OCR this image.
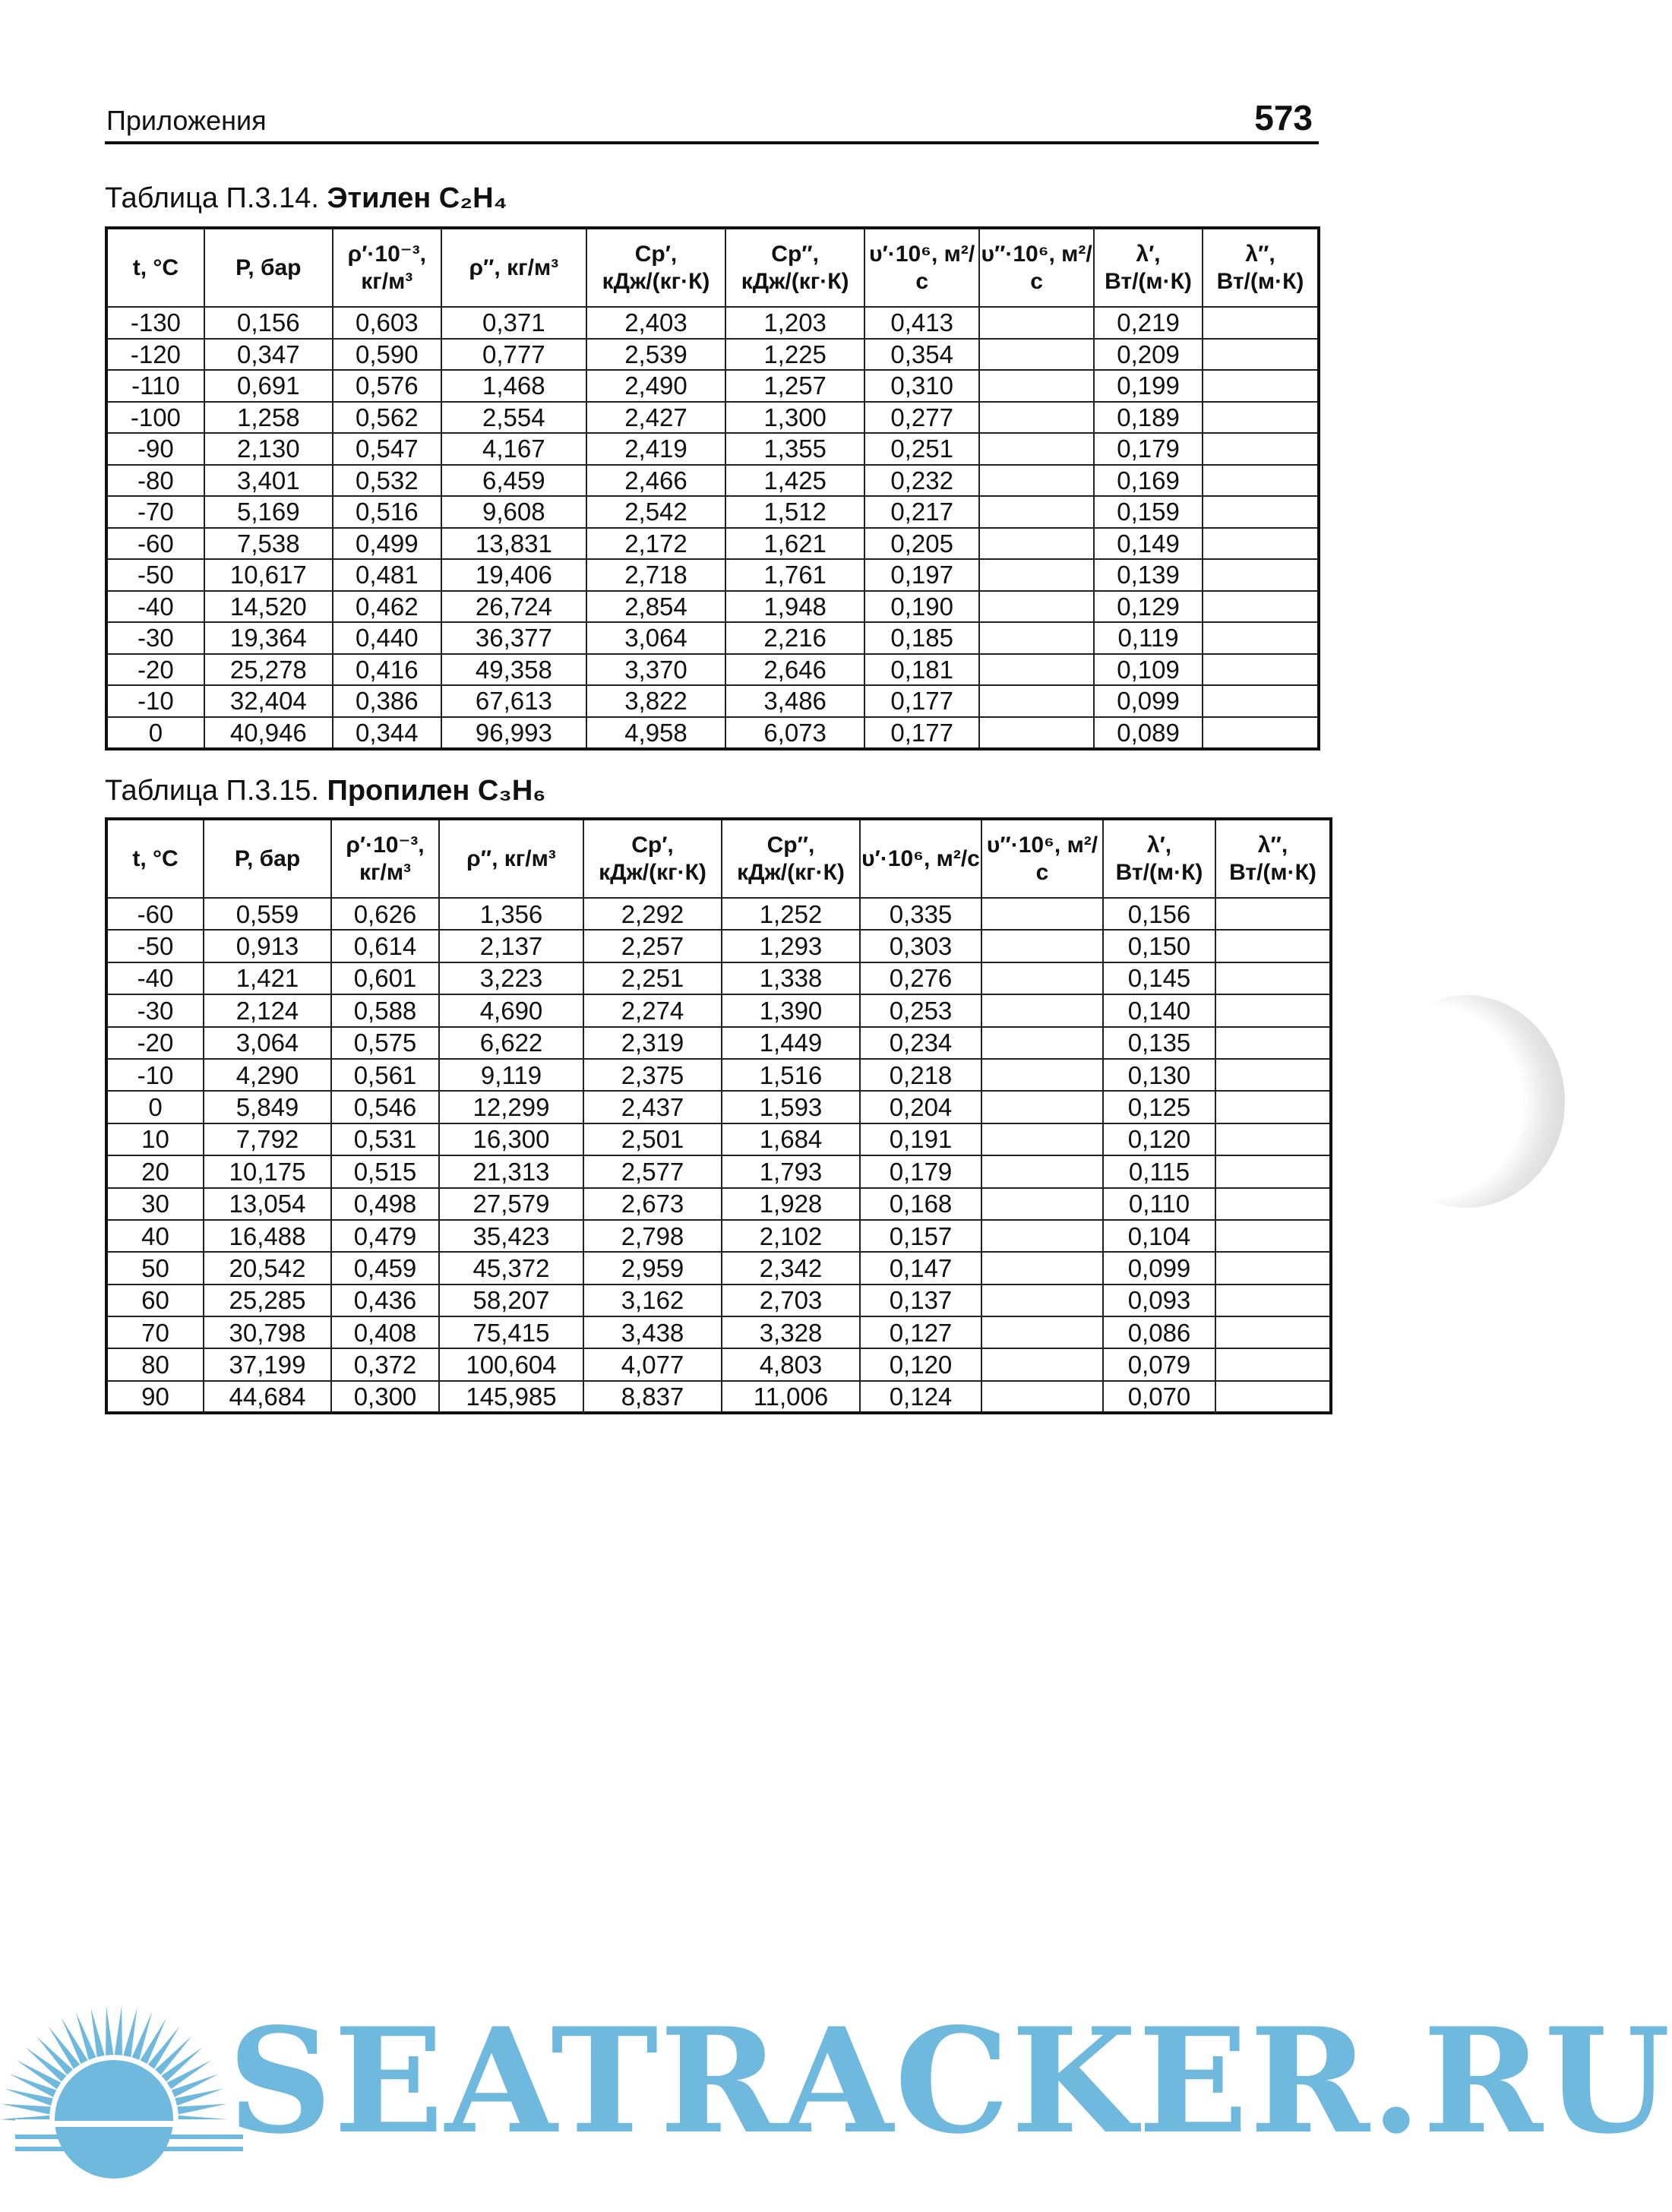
Приложения	573
Таблица П.3.14. Этилен C₂H₄
t, °C	P, бар	ρ′·10⁻³, кг/м³	ρ″, кг/м³	Cp′, кДж/(кг·К)	Cp″, кДж/(кг·К)	υ′·10⁶, м²/с	υ″·10⁶, м²/с	λ′, Вт/(м·К)	λ″, Вт/(м·К)
-130	0,156	0,603	0,371	2,403	1,203	0,413		0,219	
-120	0,347	0,590	0,777	2,539	1,225	0,354		0,209	
-110	0,691	0,576	1,468	2,490	1,257	0,310		0,199	
-100	1,258	0,562	2,554	2,427	1,300	0,277		0,189	
-90	2,130	0,547	4,167	2,419	1,355	0,251		0,179	
-80	3,401	0,532	6,459	2,466	1,425	0,232		0,169	
-70	5,169	0,516	9,608	2,542	1,512	0,217		0,159	
-60	7,538	0,499	13,831	2,172	1,621	0,205		0,149	
-50	10,617	0,481	19,406	2,718	1,761	0,197		0,139	
-40	14,520	0,462	26,724	2,854	1,948	0,190		0,129	
-30	19,364	0,440	36,377	3,064	2,216	0,185		0,119	
-20	25,278	0,416	49,358	3,370	2,646	0,181		0,109	
-10	32,404	0,386	67,613	3,822	3,486	0,177		0,099	
0	40,946	0,344	96,993	4,958	6,073	0,177		0,089	
Таблица П.3.15. Пропилен C₃H₆
t, °C	P, бар	ρ′·10⁻³, кг/м³	ρ″, кг/м³	Cp′, кДж/(кг·К)	Cp″, кДж/(кг·К)	υ′·10⁶, м²/с	υ″·10⁶, м²/с	λ′, Вт/(м·К)	λ″, Вт/(м·К)
-60	0,559	0,626	1,356	2,292	1,252	0,335		0,156	
-50	0,913	0,614	2,137	2,257	1,293	0,303		0,150	
-40	1,421	0,601	3,223	2,251	1,338	0,276		0,145	
-30	2,124	0,588	4,690	2,274	1,390	0,253		0,140	
-20	3,064	0,575	6,622	2,319	1,449	0,234		0,135	
-10	4,290	0,561	9,119	2,375	1,516	0,218		0,130	
0	5,849	0,546	12,299	2,437	1,593	0,204		0,125	
10	7,792	0,531	16,300	2,501	1,684	0,191		0,120	
20	10,175	0,515	21,313	2,577	1,793	0,179		0,115	
30	13,054	0,498	27,579	2,673	1,928	0,168		0,110	
40	16,488	0,479	35,423	2,798	2,102	0,157		0,104	
50	20,542	0,459	45,372	2,959	2,342	0,147		0,099	
60	25,285	0,436	58,207	3,162	2,703	0,137		0,093	
70	30,798	0,408	75,415	3,438	3,328	0,127		0,086	
80	37,199	0,372	100,604	4,077	4,803	0,120		0,079	
90	44,684	0,300	145,985	8,837	11,006	0,124		0,070	
SEATRACKER.RU
